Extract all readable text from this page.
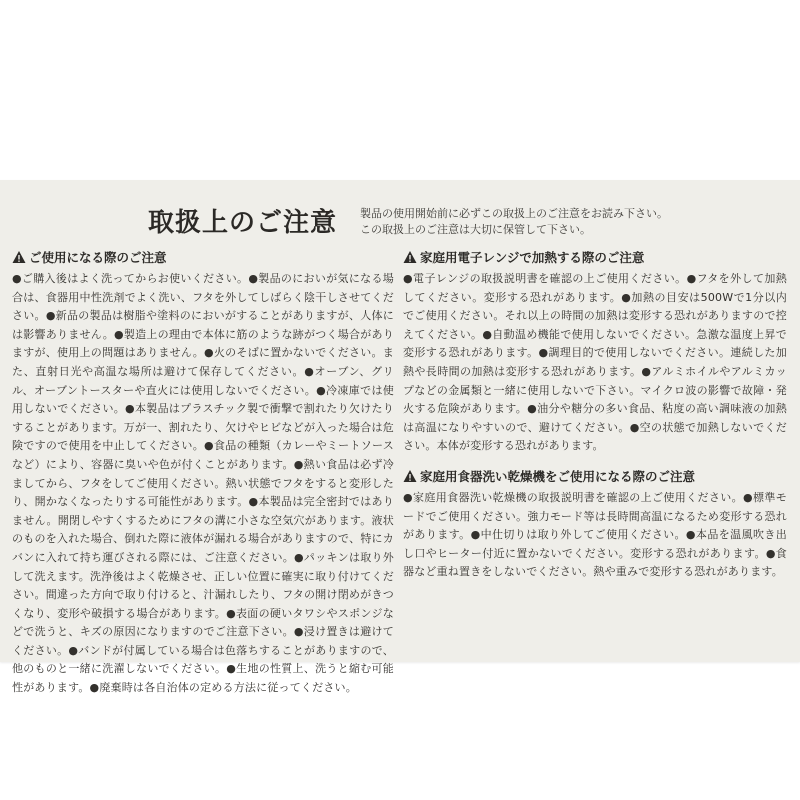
取扱上のご注意 製品の使用開始前に必ずこの取扱上のご注意をお読み下さい。
この取扱上のご注意は大切に保管して下さい。
ご使用になる際のご注意
●ご購入後はよく洗ってからお使いください。●製品のにおいが気になる場合は、食器用中性洗剤でよく洗い、フタを外してしばらく陰干しさせてください。●新品の製品は樹脂や塗料のにおいがすることがありますが、人体には影響ありません。●製造上の理由で本体に筋のような跡がつく場合がありますが、使用上の問題はありません。●火のそばに置かないでください。また、直射日光や高温な場所は避けて保存してください。●オーブン、グリル、オーブントースターや直火には使用しないでください。●冷凍庫では使用しないでください。●本製品はプラスチック製で衝撃で割れたり欠けたりすることがあります。万が一、割れたり、欠けやヒビなどが入った場合は危険ですので使用を中止してください。●食品の種類（カレーやミートソースなど）により、容器に臭いや色が付くことがあります。●熱い食品は必ず冷ましてから、フタをしてご使用ください。熱い状態でフタをすると変形したり、開かなくなったりする可能性があります。●本製品は完全密封ではありません。開閉しやすくするためにフタの溝に小さな空気穴があります。液状のものを入れた場合、倒れた際に液体が漏れる場合がありますので、特にカバンに入れて持ち運びされる際には、ご注意ください。●パッキンは取り外して洗えます。洗浄後はよく乾燥させ、正しい位置に確実に取り付けてください。間違った方向で取り付けると、汁漏れしたり、フタの開け閉めがきつくなり、変形や破損する場合があります。●表面の硬いタワシやスポンジなどで洗うと、キズの原因になりますのでご注意下さい。●浸け置きは避けてください。●バンドが付属している場合は色落ちすることがありますので、他のものと一緒に洗濯しないでください。●生地の性質上、洗うと縮む可能性があります。●廃棄時は各自治体の定める方法に従ってください。
家庭用電子レンジで加熱する際のご注意
●電子レンジの取扱説明書を確認の上ご使用ください。●フタを外して加熱してください。変形する恐れがあります。●加熱の目安は500Wで1分以内でご使用ください。それ以上の時間の加熱は変形する恐れがありますので控えてください。●自動温め機能で使用しないでください。急激な温度上昇で変形する恐れがあります。●調理目的で使用しないでください。連続した加熱や長時間の加熱は変形する恐れがあります。●アルミホイルやアルミカップなどの金属類と一緒に使用しないで下さい。マイクロ波の影響で故障・発火する危険があります。●油分や糖分の多い食品、粘度の高い調味液の加熱は高温になりやすいので、避けてください。●空の状態で加熱しないでください。本体が変形する恐れがあります。
家庭用食器洗い乾燥機をご使用になる際のご注意
●家庭用食器洗い乾燥機の取扱説明書を確認の上ご使用ください。●標準モードでご使用ください。強力モード等は長時間高温になるため変形する恐れがあります。●中仕切りは取り外してご使用ください。●本品を温風吹き出し口やヒーター付近に置かないでください。変形する恐れがあります。●食器など重ね置きをしないでください。熱や重みで変形する恐れがあります。
